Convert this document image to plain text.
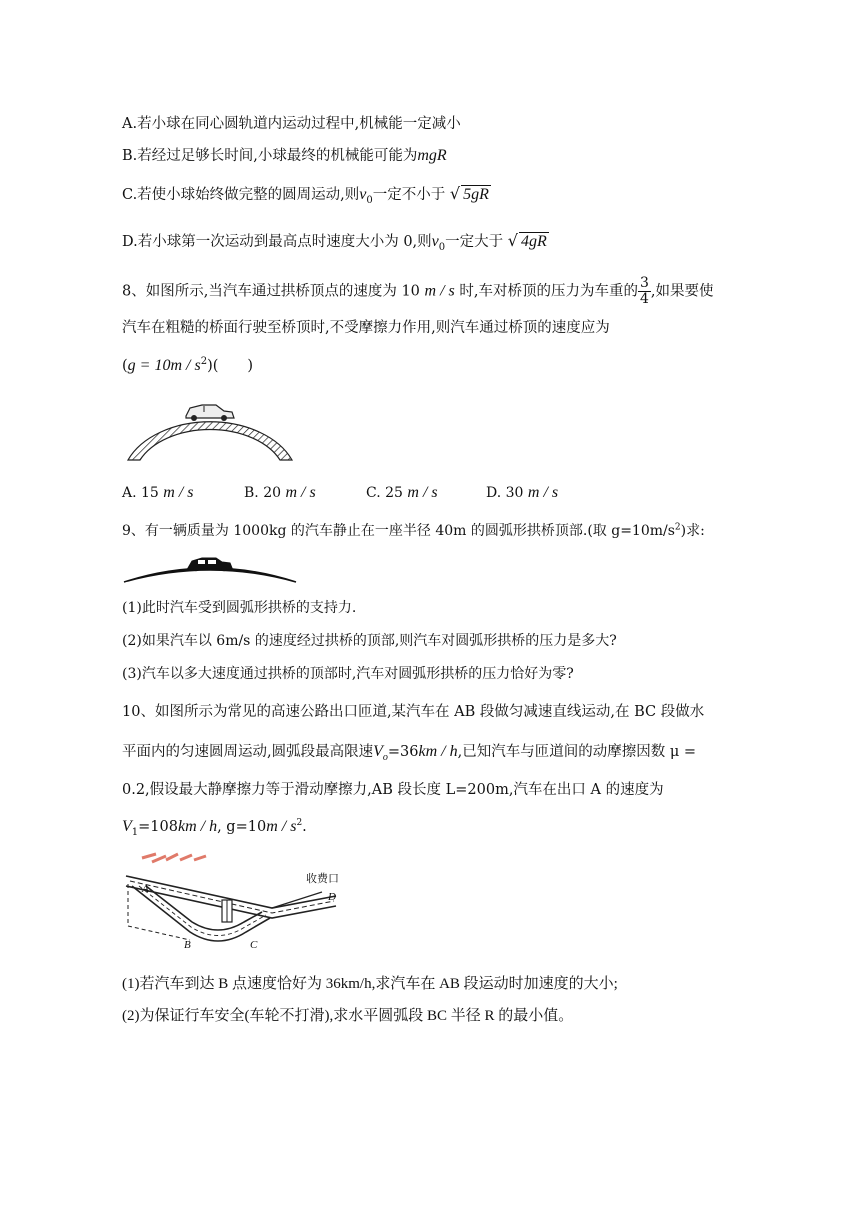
A.若小球在同心圆轨道内运动过程中,机械能一定减小
B.若经过足够长时间,小球最终的机械能可能为mgR
C.若使小球始终做完整的圆周运动,则$v_0$一定不小于 √ 5gR
D.若小球第一次运动到最高点时速度大小为 0,则$v_0$一定大于 √ 4gR
8、如图所示,当汽车通过拱桥顶点的速度为 10 m / s 时,车对桥顶的压力为车重的 $\frac{3}{4}$ ,如果要使
汽车在粗糙的桥面行驶至桥顶时,不受摩擦力作用,则汽车通过桥顶的速度应为
$(g = 10m / s^2)$(　　)
A. 15 m / s	B. 20 m / s	C. 25 m / s	D. 30 m / s
9、有一辆质量为 1000kg 的汽车静止在一座半径 40m 的圆弧形拱桥顶部.(取 $g=10m/s^2$)求:
(1)此时汽车受到圆弧形拱桥的支持力.
(2)如果汽车以 6m/s 的速度经过拱桥的顶部,则汽车对圆弧形拱桥的压力是多大?
(3)汽车以多大速度通过拱桥的顶部时,汽车对圆弧形拱桥的压力恰好为零?
10、如图所示为常见的高速公路出口匝道,某汽车在 AB 段做匀减速直线运动,在 BC 段做水
平面内的匀速圆周运动,圆弧段最高限速$V_o=36km / h$,已知汽车与匝道间的动摩擦因数 μ =
0.2,假设最大静摩擦力等于滑动摩擦力,AB 段长度 L=200m,汽车在出口 A 的速度为
$V_1=108km / h$, $g=10m / s^2$.
收费口
D
A
B	C
(1)若汽车到达 B 点速度恰好为 36km/h,求汽车在 AB 段运动时加速度的大小;
(2)为保证行车安全(车轮不打滑),求水平圆弧段 BC 半径 R 的最小值。
